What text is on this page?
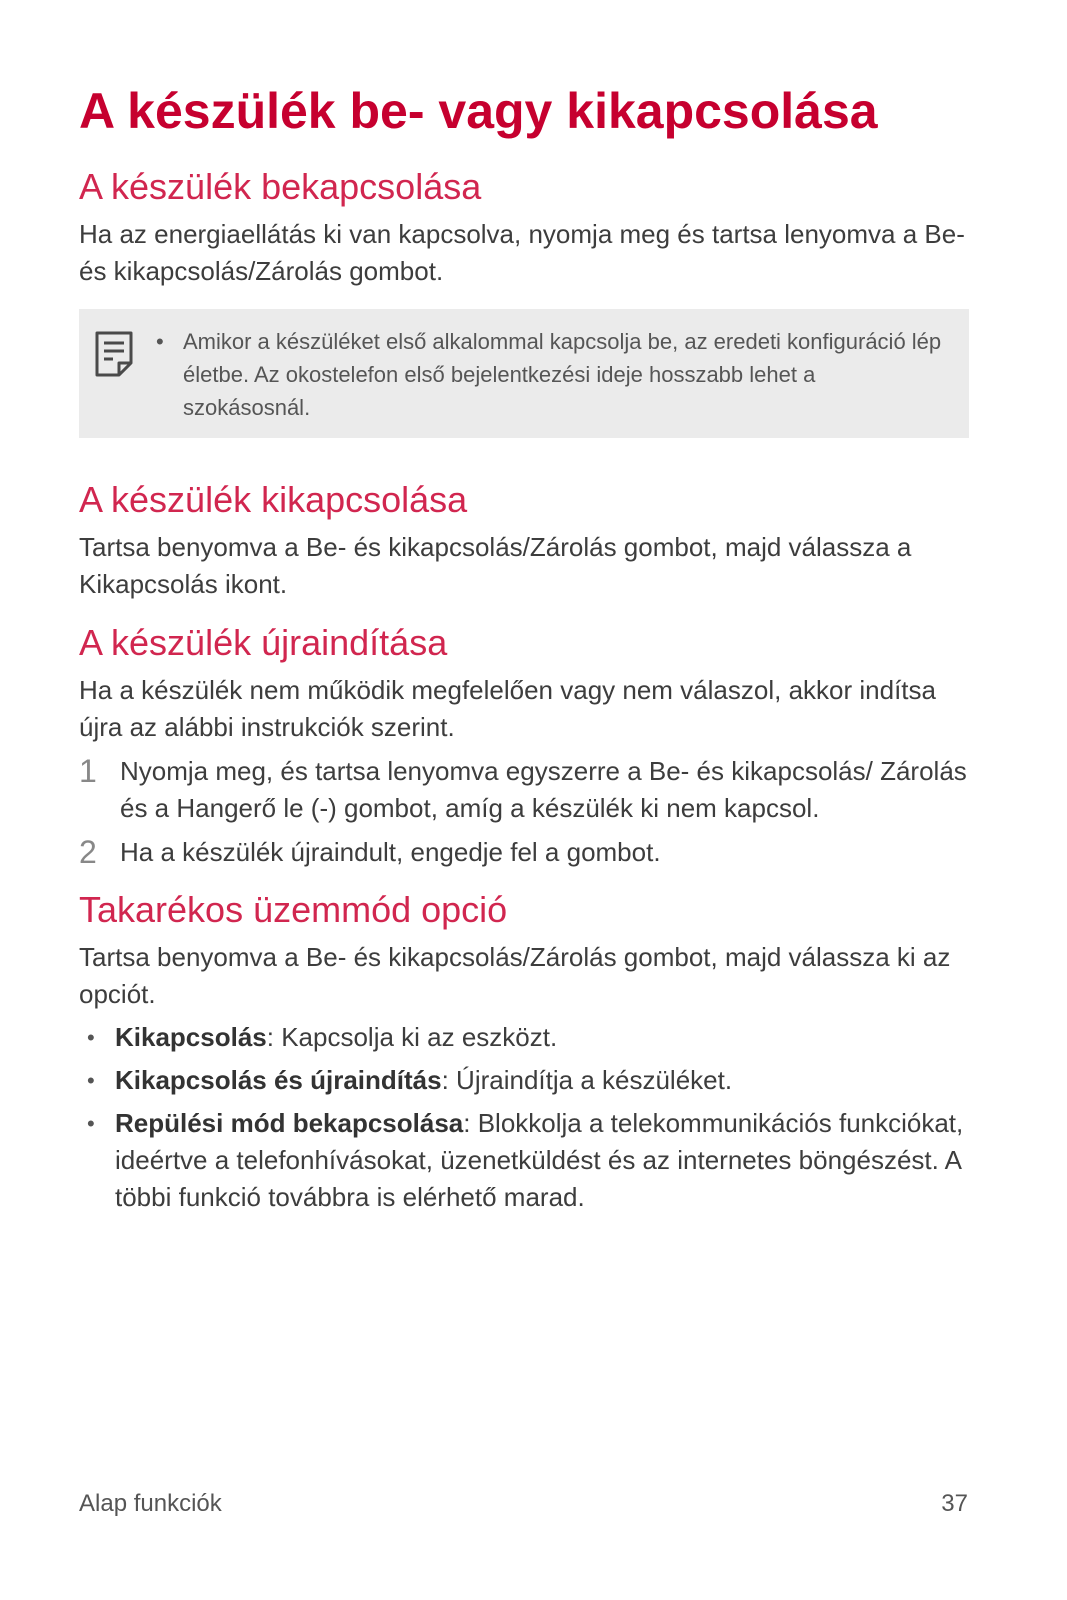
A készülék be- vagy kikapcsolása
A készülék bekapcsolása

Ha az energiaellátás ki van kapcsolva, nyomja meg és tartsa lenyomva a Be- és kikapcsolás/Zárolás gombot.

• Amikor a készüléket első alkalommal kapcsolja be, az eredeti konfiguráció lép életbe. Az okostelefon első bejelentkezési ideje hosszabb lehet a szokásosnál.

A készülék kikapcsolása

Tartsa benyomva a Be- és kikapcsolás/Zárolás gombot, majd válassza a Kikapcsolás ikont.

A készülék újraindítása

Ha a készülék nem működik megfelelően vagy nem válaszol, akkor indítsa újra az alábbi instrukciók szerint.

1 Nyomja meg, és tartsa lenyomva egyszerre a Be- és kikapcsolás/ Zárolás és a Hangerő le (-) gombot, amíg a készülék ki nem kapcsol.

2 Ha a készülék újraindult, engedje fel a gombot.

Takarékos üzemmód opció

Tartsa benyomva a Be- és kikapcsolás/Zárolás gombot, majd válassza ki az opciót.

• Kikapcsolás: Kapcsolja ki az eszközt.

• Kikapcsolás és újraindítás: Újraindítja a készüléket.

• Repülési mód bekapcsolása: Blokkolja a telekommunikációs funkciókat, ideértve a telefonhívásokat, üzenetküldést és az internetes böngészést. A többi funkció továbbra is elérhető marad.

Alap funkciók	37
